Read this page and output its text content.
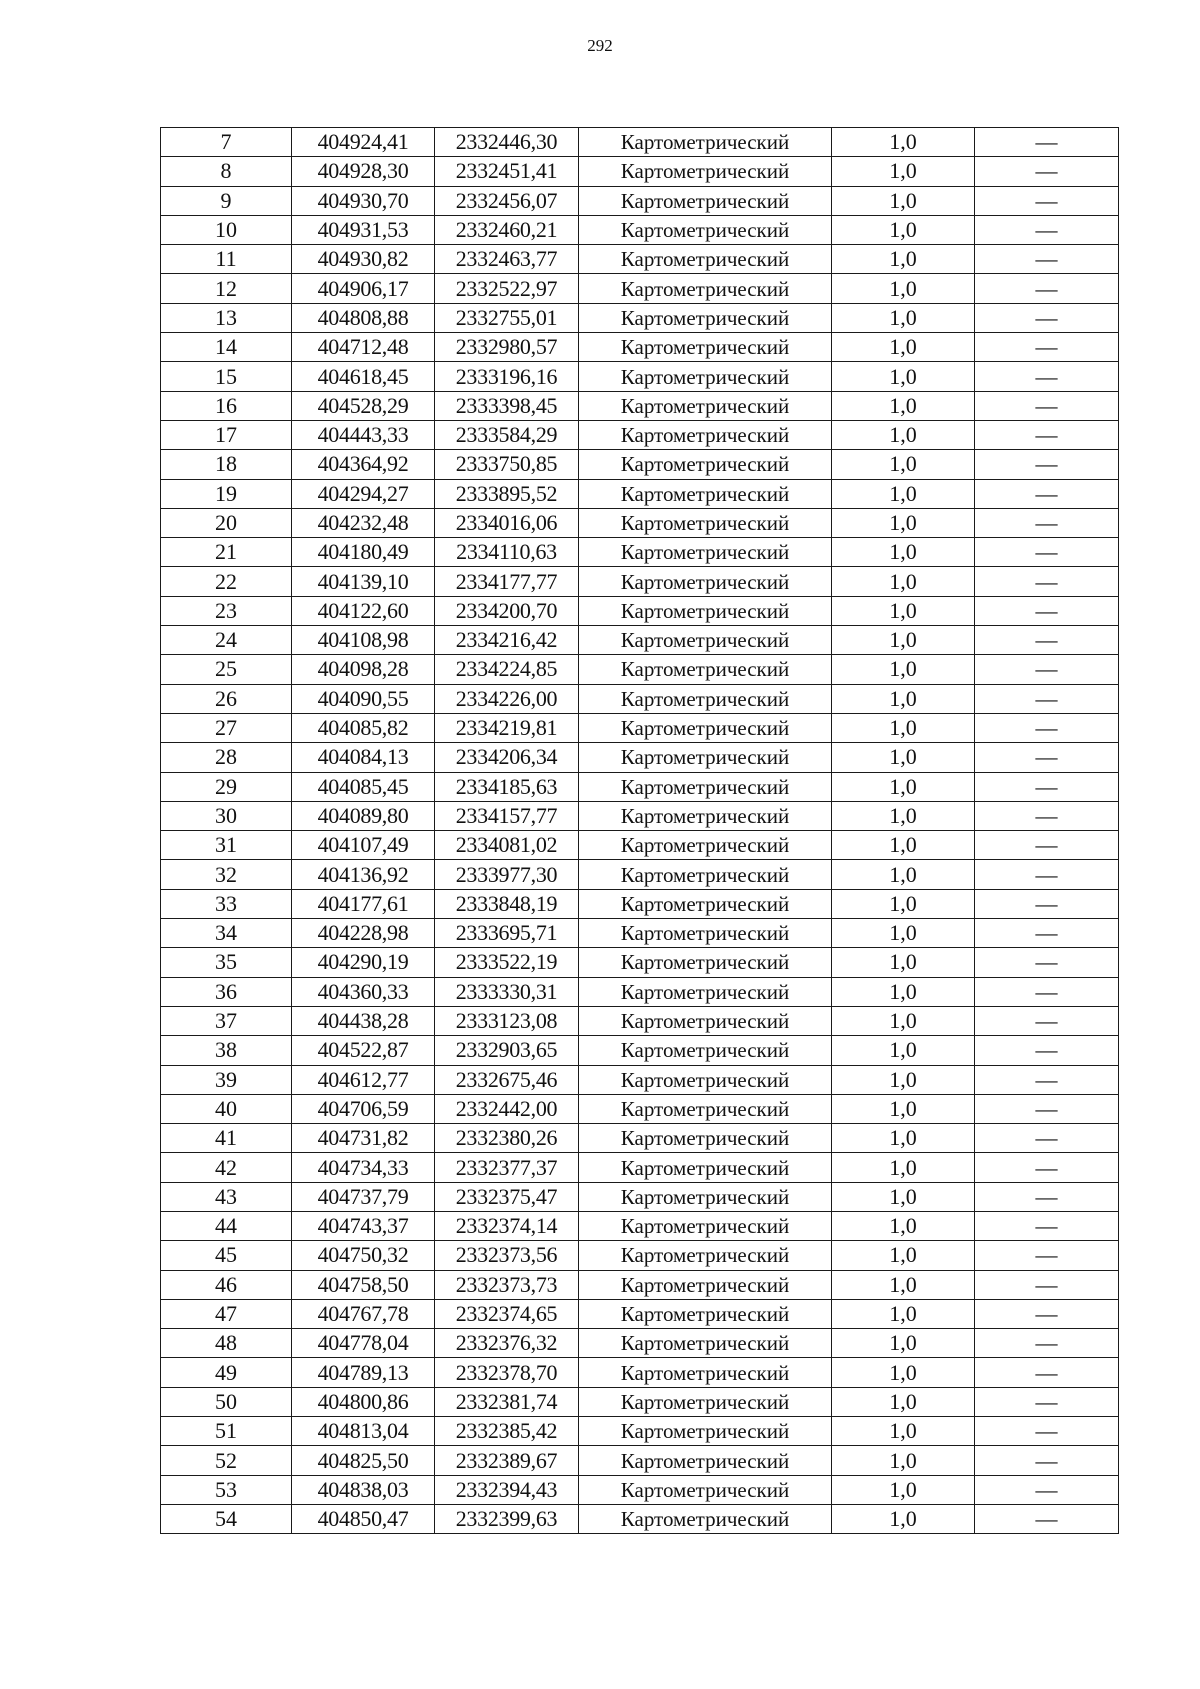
292
7	404924,41	2332446,30	Картометрический	1,0	—
8	404928,30	2332451,41	Картометрический	1,0	—
9	404930,70	2332456,07	Картометрический	1,0	—
10	404931,53	2332460,21	Картометрический	1,0	—
11	404930,82	2332463,77	Картометрический	1,0	—
12	404906,17	2332522,97	Картометрический	1,0	—
13	404808,88	2332755,01	Картометрический	1,0	—
14	404712,48	2332980,57	Картометрический	1,0	—
15	404618,45	2333196,16	Картометрический	1,0	—
16	404528,29	2333398,45	Картометрический	1,0	—
17	404443,33	2333584,29	Картометрический	1,0	—
18	404364,92	2333750,85	Картометрический	1,0	—
19	404294,27	2333895,52	Картометрический	1,0	—
20	404232,48	2334016,06	Картометрический	1,0	—
21	404180,49	2334110,63	Картометрический	1,0	—
22	404139,10	2334177,77	Картометрический	1,0	—
23	404122,60	2334200,70	Картометрический	1,0	—
24	404108,98	2334216,42	Картометрический	1,0	—
25	404098,28	2334224,85	Картометрический	1,0	—
26	404090,55	2334226,00	Картометрический	1,0	—
27	404085,82	2334219,81	Картометрический	1,0	—
28	404084,13	2334206,34	Картометрический	1,0	—
29	404085,45	2334185,63	Картометрический	1,0	—
30	404089,80	2334157,77	Картометрический	1,0	—
31	404107,49	2334081,02	Картометрический	1,0	—
32	404136,92	2333977,30	Картометрический	1,0	—
33	404177,61	2333848,19	Картометрический	1,0	—
34	404228,98	2333695,71	Картометрический	1,0	—
35	404290,19	2333522,19	Картометрический	1,0	—
36	404360,33	2333330,31	Картометрический	1,0	—
37	404438,28	2333123,08	Картометрический	1,0	—
38	404522,87	2332903,65	Картометрический	1,0	—
39	404612,77	2332675,46	Картометрический	1,0	—
40	404706,59	2332442,00	Картометрический	1,0	—
41	404731,82	2332380,26	Картометрический	1,0	—
42	404734,33	2332377,37	Картометрический	1,0	—
43	404737,79	2332375,47	Картометрический	1,0	—
44	404743,37	2332374,14	Картометрический	1,0	—
45	404750,32	2332373,56	Картометрический	1,0	—
46	404758,50	2332373,73	Картометрический	1,0	—
47	404767,78	2332374,65	Картометрический	1,0	—
48	404778,04	2332376,32	Картометрический	1,0	—
49	404789,13	2332378,70	Картометрический	1,0	—
50	404800,86	2332381,74	Картометрический	1,0	—
51	404813,04	2332385,42	Картометрический	1,0	—
52	404825,50	2332389,67	Картометрический	1,0	—
53	404838,03	2332394,43	Картометрический	1,0	—
54	404850,47	2332399,63	Картометрический	1,0	—
